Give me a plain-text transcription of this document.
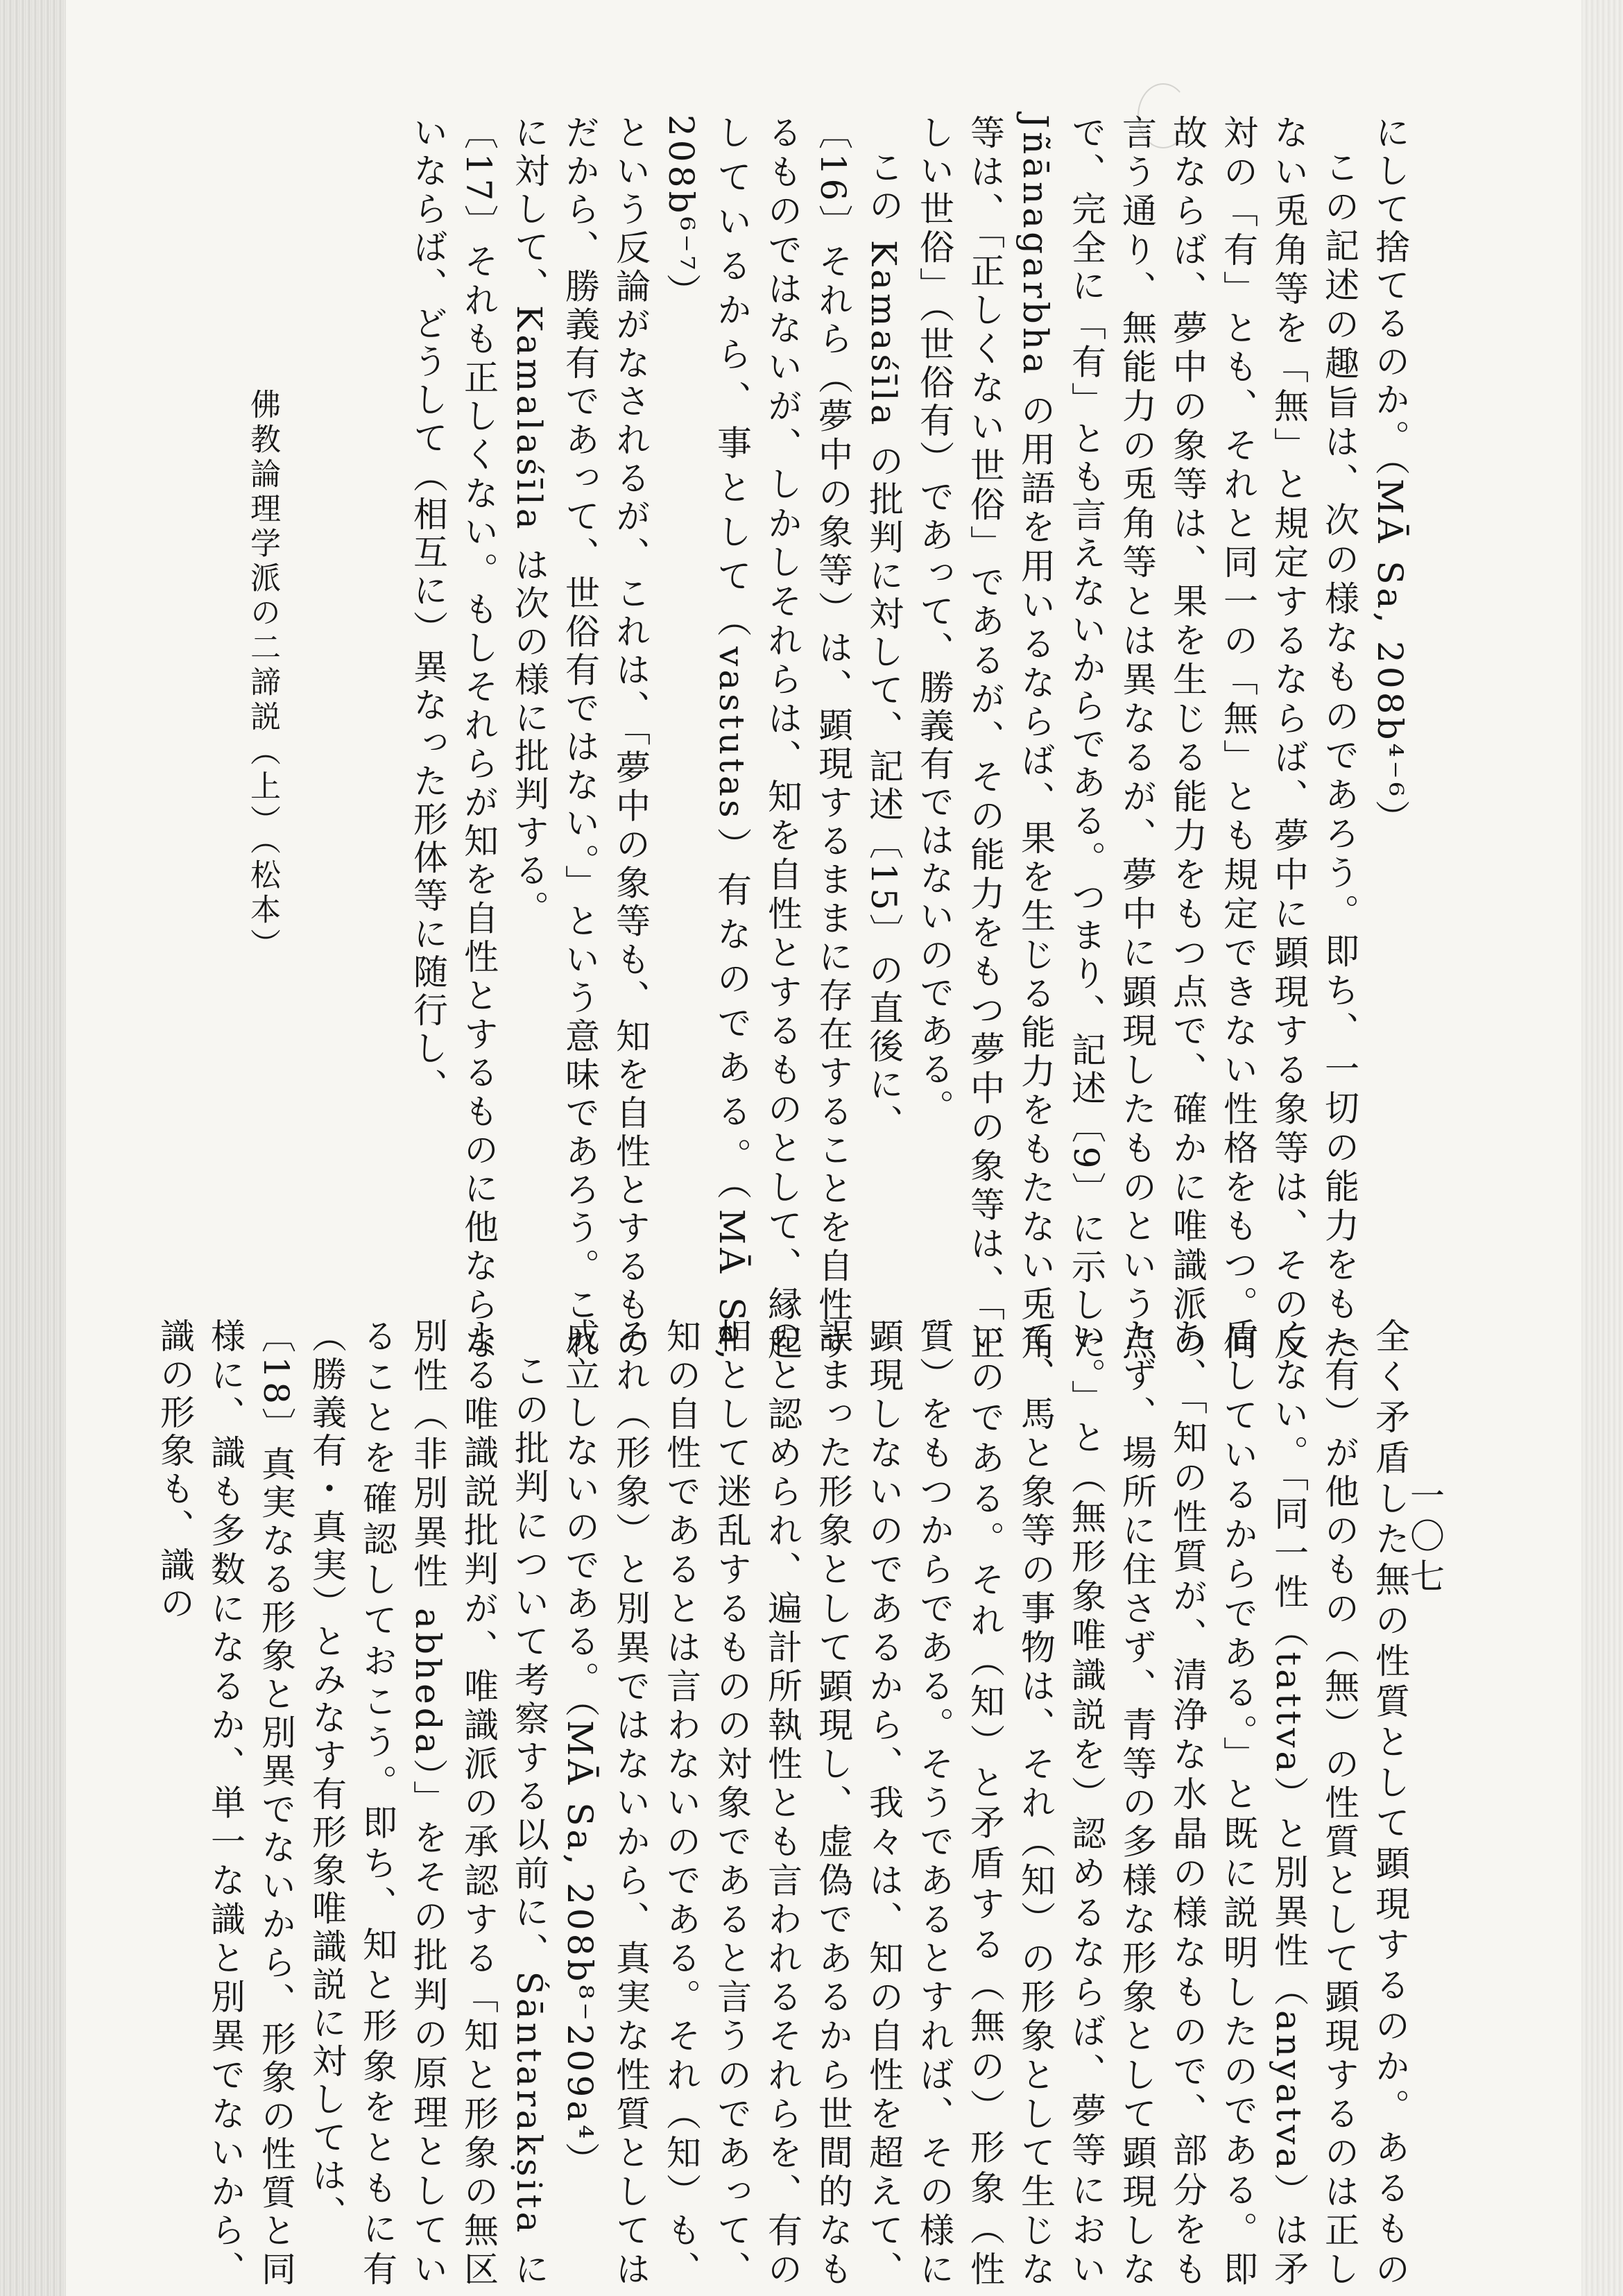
にして捨てるのか。（MĀ Sa, 208b⁴⁻⁶）

この記述の趣旨は、次の様なものであろう。即ち、一切の能力をもたない兎角等を「無」と規定するならば、夢中に顕現する象等は、その反対の「有」とも、それと同一の「無」とも規定できない性格をもつ。何故ならば、夢中の象等は、果を生じる能力をもつ点で、確かに唯識派の言う通り、無能力の兎角等とは異なるが、夢中に顕現したものという点で、完全に「有」とも言えないからである。つまり、記述〔9〕に示した Jñānagarbha の用語を用いるならば、果を生じる能力をもたない兎角等は、「正しくない世俗」であるが、その能力をもつ夢中の象等は、「正しい世俗」（世俗有）であって、勝義有ではないのである。

この Kamaśīla の批判に対して、記述〔15〕の直後に、

〔16〕それら（夢中の象等）は、顕現するままに存在することを自性するものではないが、しかしそれらは、知を自性とするものとして、縁起しているから、事として（vastutas）有なのである。（MĀ Sa, 208b⁶⁻⁷）

という反論がなされるが、これは、「夢中の象等も、知を自性とするものだから、勝義有であって、世俗有ではない。」という意味であろう。これに対して、Kamalaśīla は次の様に批判する。

〔17〕それも正しくない。もしそれらが知を自性とするものに他ならないならば、どうして（相互に）異なった形体等に随行し、

全く矛盾した無の性質として顕現するのか。あるもの（有）が他のもの（無）の性質として顕現するのは正しくない。「同一性（tattva）と別異性（anyatva）は矛盾しているからである。」と既に説明したのである。即ち、「知の性質が、清浄な水晶の様なもので、部分をもたず、場所に住さず、青等の多様な形象として顕現しない。」と（無形象唯識説を）認めるならば、夢等において、馬と象等の事物は、それ（知）の形象として生じないのである。それ（知）と矛盾する（無の）形象（性質）をもつからである。そうであるとすれば、その様に顕現しないのであるから、我々は、知の自性を超えて、誤まった形象として顕現し、虚偽であるから世間的なものと認められ、遍計所執性とも言われるそれらを、有の相として迷乱するものの対象であると言うのであって、知の自性であるとは言わないのである。それ（知）も、それ（形象）と別異ではないから、真実な性質としては成立しないのである。（MĀ Sa, 208b⁸⁻209a⁴）

この批判について考察する以前に、Śāntarakṣita による唯識説批判が、唯識派の承認する「知と形象の無区別性（非別異性 abheda）」をその批判の原理としていることを確認しておこう。即ち、知と形象をともに有（勝義有・真実）とみなす有形象唯識説に対しては、

〔18〕真実なる形象と別異でないから、形象の性質と同様に、識も多数になるか、単一な識と別異でないから、識の形象も、識の

佛教論理学派の二諦説（上）（松本）
一〇七
